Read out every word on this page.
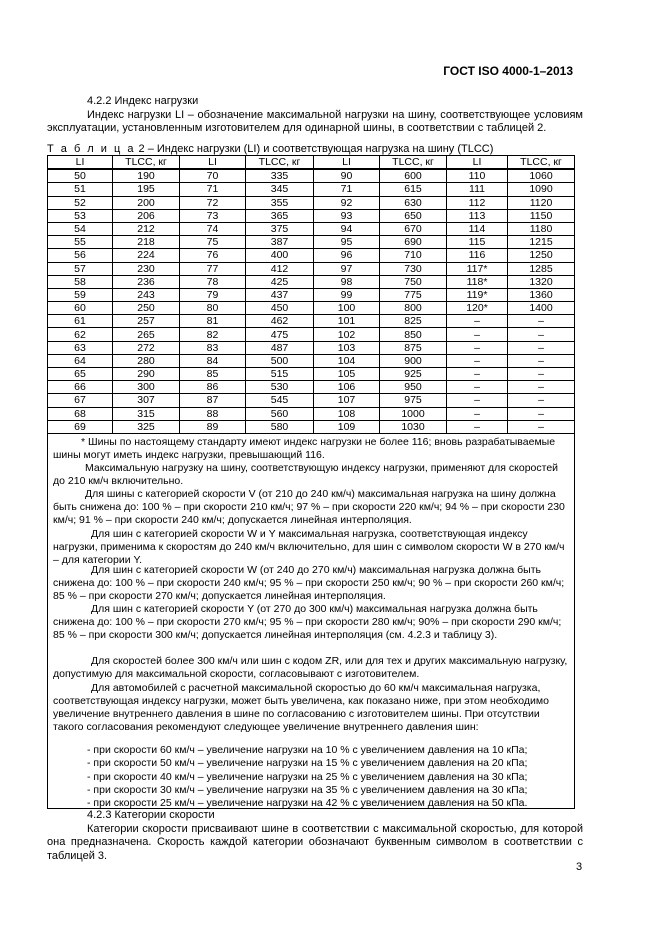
ГОСТ ISO 4000-1–2013
4.2.2 Индекс нагрузки
Индекс нагрузки LI – обозначение максимальной нагрузки на шину, соответствующее условиям эксплуатации, установленным изготовителем для одинарной шины, в соответствии с таблицей 2.
Т а б л и ц а 2 – Индекс нагрузки (LI) и соответствующая нагрузка на шину (TLCC)
LI	TLCC, кг	LI	TLCC, кг	LI	TLCC, кг	LI	TLCC, кг
50	190	70	335	90	600	110	1060
51	195	71	345	71	615	111	1090
52	200	72	355	92	630	112	1120
53	206	73	365	93	650	113	1150
54	212	74	375	94	670	114	1180
55	218	75	387	95	690	115	1215
56	224	76	400	96	710	116	1250
57	230	77	412	97	730	117*	1285
58	236	78	425	98	750	118*	1320
59	243	79	437	99	775	119*	1360
60	250	80	450	100	800	120*	1400
61	257	81	462	101	825	–	–
62	265	82	475	102	850	–	–
63	272	83	487	103	875	–	–
64	280	84	500	104	900	–	–
65	290	85	515	105	925	–	–
66	300	86	530	106	950	–	–
67	307	87	545	107	975	–	–
68	315	88	560	108	1000	–	–
69	325	89	580	109	1030	–	–
* Шины по настоящему стандарту имеют индекс нагрузки не более 116; вновь разрабатываемые шины могут иметь индекс нагрузки, превышающий 116.
Максимальную нагрузку на шину, соответствующую индексу нагрузки, применяют для скоростей до 210 км/ч включительно.
Для шины с категорией скорости V (от 210 до 240 км/ч) максимальная нагрузка на шину должна быть снижена до: 100 % – при скорости 210 км/ч; 97 % – при скорости 220 км/ч; 94 % – при скорости 230 км/ч; 91 % – при скорости 240 км/ч; допускается линейная интерполяция.
Для шин с категорией скорости W и Y максимальная нагрузка, соответствующая индексу нагрузки, применима к скоростям до 240 км/ч включительно, для шин с символом скорости W в 270 км/ч – для категории Y.
Для шин с категорией скорости W (от 240 до 270 км/ч) максимальная нагрузка должна быть снижена до: 100 % – при скорости 240 км/ч; 95 % – при скорости 250 км/ч; 90 % – при скорости 260 км/ч; 85 % – при скорости 270 км/ч; допускается линейная интерполяция.
Для шин с категорией скорости Y (от 270 до 300 км/ч) максимальная нагрузка должна быть снижена до: 100 % – при скорости 270 км/ч; 95 % – при скорости 280 км/ч; 90% – при скорости 290 км/ч; 85 % – при скорости 300 км/ч; допускается линейная интерполяция (см. 4.2.3 и таблицу 3).
Для скоростей более 300 км/ч или шин с кодом ZR, или для тех и других максимальную нагрузку, допустимую для максимальной скорости, согласовывают с изготовителем.
Для автомобилей с расчетной максимальной скоростью до 60 км/ч максимальная нагрузка, соответствующая индексу нагрузки, может быть увеличена, как показано ниже, при этом необходимо увеличение внутреннего давления в шине по согласованию с изготовителем шины. При отсутствии такого согласования рекомендуют следующее увеличение внутреннего давления шин:
- при скорости 60 км/ч – увеличение нагрузки на 10 % с увеличением давления на 10 кПа;
- при скорости 50 км/ч – увеличение нагрузки на 15 % с увеличением давления на 20 кПа;
- при скорости 40 км/ч – увеличение нагрузки на 25 % с увеличением давления на 30 кПа;
- при скорости 30 км/ч – увеличение нагрузки на 35 % с увеличением давления на 30 кПа;
- при скорости 25 км/ч – увеличение нагрузки на 42 % с увеличением давления на 50 кПа.
4.2.3 Категории скорости
Категории скорости присваивают шине в соответствии с максимальной скоростью, для которой она предназначена. Скорость каждой категории обозначают буквенным символом в соответствии с таблицей 3.
3
